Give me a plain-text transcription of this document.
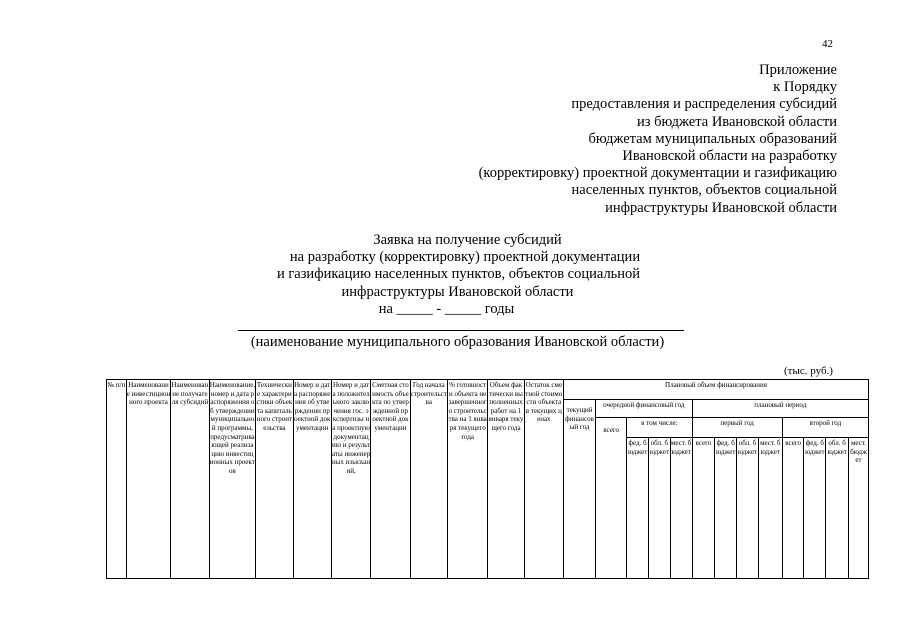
42
Приложение
к Порядку
предоставления и распределения субсидий
из бюджета Ивановской области
бюджетам муниципальных образований
Ивановской области на разработку
(корректировку) проектной документации и газификацию
населенных пунктов, объектов социальной
инфраструктуры Ивановской области
Заявка на получение субсидий
на разработку (корректировку) проектной документации
и газификацию населенных пунктов, объектов социальной
инфраструктуры Ивановской области
на _____ - _____ годы
(наименование муниципального образования Ивановской области)
(тыс. руб.)
№ п/п	Наименование инвестиционного проекта	Наименование получателя субсидий	Наименование, номер и дата распоряжения об утверждении муниципальной программы, предусматривающей реализацию инвестиционных проектов	Технические характеристики объекта капитального строительства	Номер и дата распоряжения об утверждении проектной документации	Номер и дата положительного заключения гос. экспертизы на проектную документацию и результаты инженерных изысканий,	Сметная стоимость объекта по утвержденной проектной документации	Год начала строительства	% готовности объекта незавершенного строительства на 1 января текущего года	Объем фактически выполненных работ на 1 января текущего года	Остаток сметной стоимости объекта в текущих ценах	Плановый объем финансирования												
												текущий финансовый год	очередной финансовый год				плановый период							
													всего	в том числе:			первый год				второй год			
														фед. бюджет	обл. бюджет	мест. бюджет	всего	фед. бюджет	обл. бюджет	мест. бюджет	всего	фед. бюджет	обл. бюджет	мест. бюджет
